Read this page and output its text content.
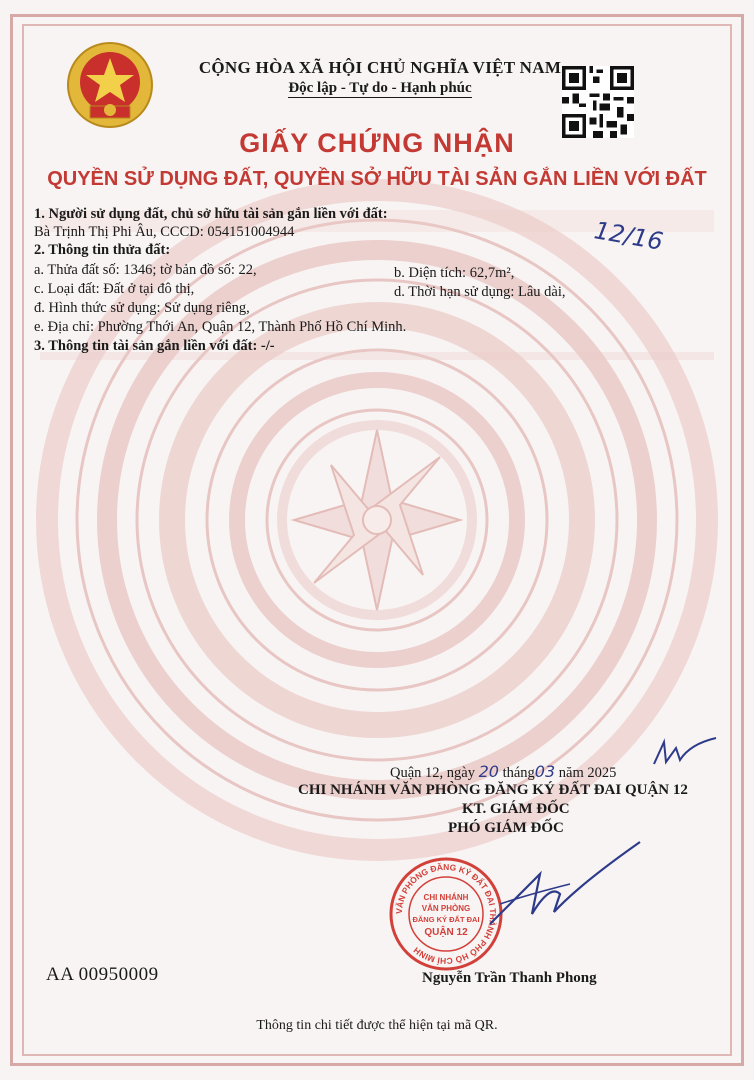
CỘNG HÒA XÃ HỘI CHỦ NGHĨA VIỆT NAM
Độc lập - Tự do - Hạnh phúc
GIẤY CHỨNG NHẬN
QUYỀN SỬ DỤNG ĐẤT, QUYỀN SỞ HỮU TÀI SẢN GẮN LIỀN VỚI ĐẤT
12/16
1. Người sử dụng đất, chủ sở hữu tài sản gắn liền với đất:
Bà Trịnh Thị Phi Âu, CCCD: 054151004944
2. Thông tin thửa đất:
a. Thửa đất số: 1346; tờ bản đồ số: 22,	b. Diện tích: 62,7m²,
c. Loại đất: Đất ở tại đô thị,	d. Thời hạn sử dụng: Lâu dài,
đ. Hình thức sử dụng: Sử dụng riêng,
e. Địa chỉ: Phường Thới An, Quận 12, Thành Phố Hồ Chí Minh.
3. Thông tin tài sản gắn liền với đất: -/-
Quận 12, ngày 20 tháng03 năm 2025
CHI NHÁNH VĂN PHÒNG ĐĂNG KÝ ĐẤT ĐAI QUẬN 12
KT. GIÁM ĐỐC
PHÓ GIÁM ĐỐC
VĂN PHÒNG ĐĂNG KÝ ĐẤT ĐAI THÀNH PHỐ HỒ CHÍ MINH
CHI NHÁNH
VĂN PHÒNG
ĐĂNG KÝ ĐẤT ĐAI
QUẬN 12
Nguyễn Trần Thanh Phong
AA 00950009
Thông tin chi tiết được thể hiện tại mã QR.
